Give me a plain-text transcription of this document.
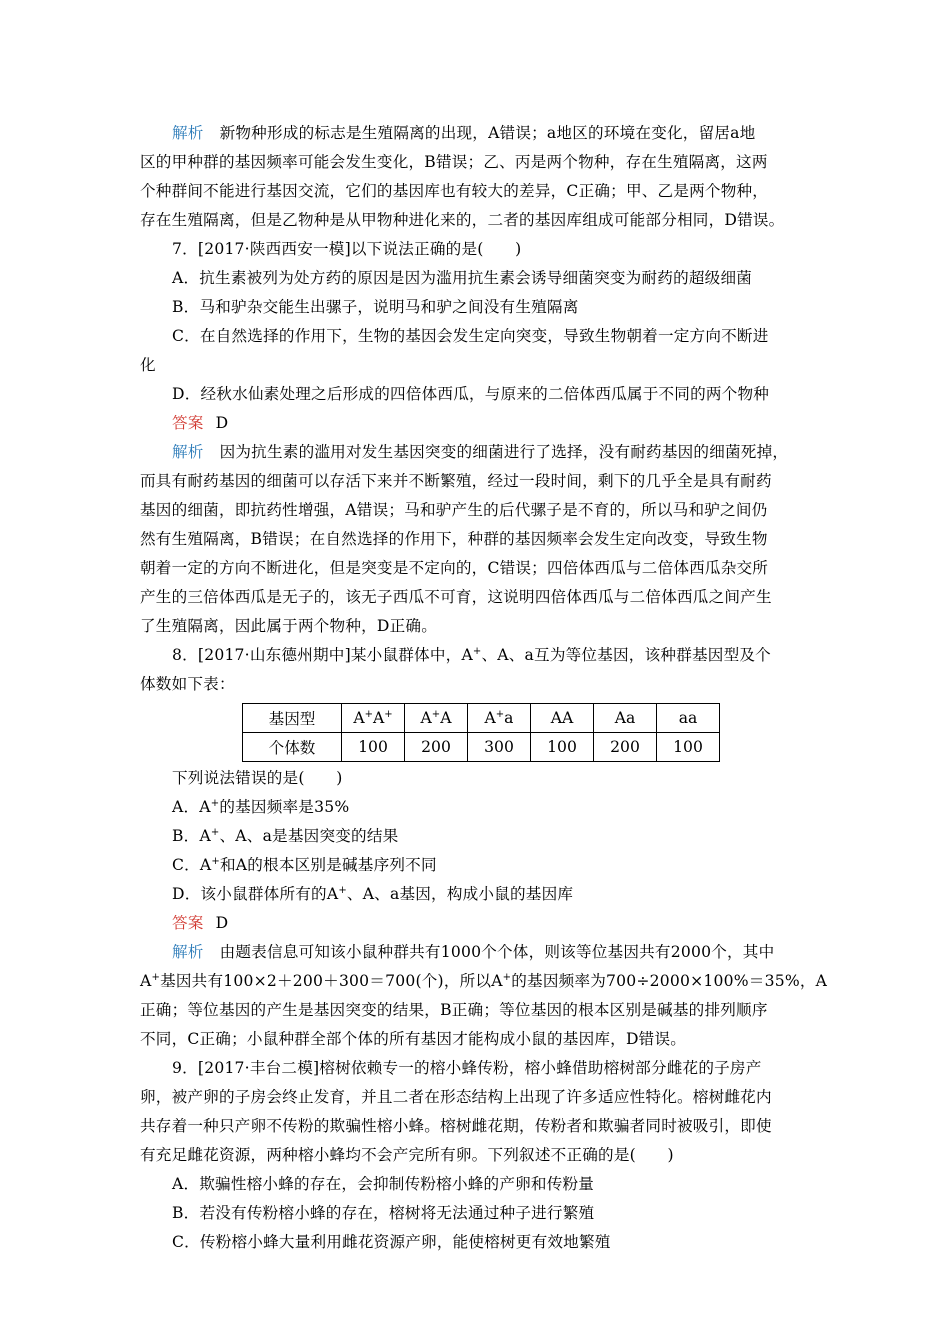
解析 新物种形成的标志是生殖隔离的出现，A错误；a地区的环境在变化，留居a地
区的甲种群的基因频率可能会发生变化，B错误；乙、丙是两个物种，存在生殖隔离，这两
个种群间不能进行基因交流，它们的基因库也有较大的差异，C正确；甲、乙是两个物种，
存在生殖隔离，但是乙物种是从甲物种进化来的，二者的基因库组成可能部分相同，D错误。
7．[2017·陕西西安一模]以下说法正确的是(　　)
A．抗生素被列为处方药的原因是因为滥用抗生素会诱导细菌突变为耐药的超级细菌
B．马和驴杂交能生出骡子，说明马和驴之间没有生殖隔离
C．在自然选择的作用下，生物的基因会发生定向突变，导致生物朝着一定方向不断进
化
D．经秋水仙素处理之后形成的四倍体西瓜，与原来的二倍体西瓜属于不同的两个物种
答案 D
解析 因为抗生素的滥用对发生基因突变的细菌进行了选择，没有耐药基因的细菌死掉，
而具有耐药基因的细菌可以存活下来并不断繁殖，经过一段时间，剩下的几乎全是具有耐药
基因的细菌，即抗药性增强，A错误；马和驴产生的后代骡子是不育的，所以马和驴之间仍
然有生殖隔离，B错误；在自然选择的作用下，种群的基因频率会发生定向改变，导致生物
朝着一定的方向不断进化，但是突变是不定向的，C错误；四倍体西瓜与二倍体西瓜杂交所
产生的三倍体西瓜是无子的，该无子西瓜不可育，这说明四倍体西瓜与二倍体西瓜之间产生
了生殖隔离，因此属于两个物种，D正确。
8．[2017·山东德州期中]某小鼠群体中，A+、A、a互为等位基因，该种群基因型及个
体数如下表：
基因型	A+A+	A+A	A+a	AA	Aa	aa
个体数	100	200	300	100	200	100
下列说法错误的是(　　)
A．A+的基因频率是35%
B．A+、A、a是基因突变的结果
C．A+和A的根本区别是碱基序列不同
D．该小鼠群体所有的A+、A、a基因，构成小鼠的基因库
答案 D
解析 由题表信息可知该小鼠种群共有1000个个体，则该等位基因共有2000个，其中
A+基因共有100×2＋200＋300＝700(个)，所以A+的基因频率为700÷2000×100%＝35%，A
正确；等位基因的产生是基因突变的结果，B正确；等位基因的根本区别是碱基的排列顺序
不同，C正确；小鼠种群全部个体的所有基因才能构成小鼠的基因库，D错误。
9．[2017·丰台二模]榕树依赖专一的榕小蜂传粉，榕小蜂借助榕树部分雌花的子房产
卵，被产卵的子房会终止发育，并且二者在形态结构上出现了许多适应性特化。榕树雌花内
共存着一种只产卵不传粉的欺骗性榕小蜂。榕树雌花期，传粉者和欺骗者同时被吸引，即使
有充足雌花资源，两种榕小蜂均不会产完所有卵。下列叙述不正确的是(　　)
A．欺骗性榕小蜂的存在，会抑制传粉榕小蜂的产卵和传粉量
B．若没有传粉榕小蜂的存在，榕树将无法通过种子进行繁殖
C．传粉榕小蜂大量利用雌花资源产卵，能使榕树更有效地繁殖
